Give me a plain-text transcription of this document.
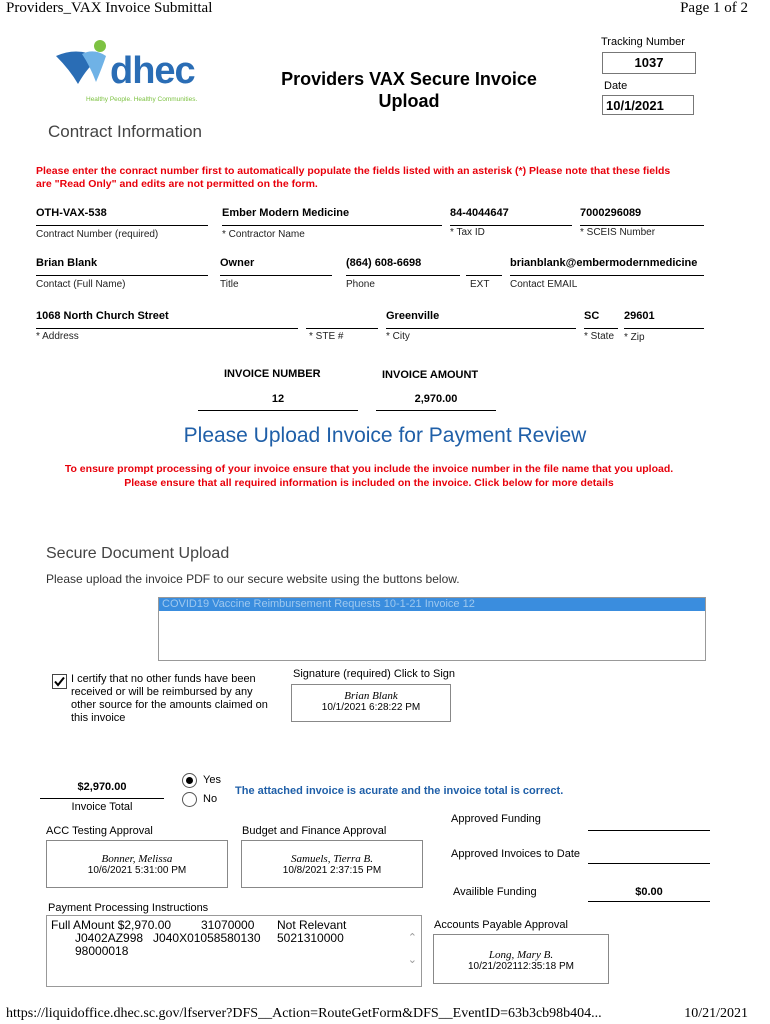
Providers_VAX Invoice Submittal	Page 1 of 2
dhec
Healthy People. Healthy Communities.
Providers VAX Secure Invoice
Upload
Tracking Number
1037
Date
10/1/2021
Contract Information
Please enter the conract number first to automatically populate the fields listed with an asterisk (*) Please note that these fields are "Read Only" and edits are not permitted on the form.
OTH-VAX-538
Contract Number (required)
Ember Modern Medicine
* Contractor Name
84-4044647
* Tax ID
7000296089
* SCEIS Number
Brian Blank
Contact (Full Name)
Owner
Title
(864) 608-6698
Phone	EXT
brianblank@embermodernmedicine
Contact EMAIL
1068 North Church Street
* Address	* STE #
Greenville
* City
SC
* State
29601
* Zip
INVOICE NUMBER
12
INVOICE AMOUNT
2,970.00
Please Upload Invoice for Payment Review
To ensure prompt processing of your invoice ensure that you include the invoice number in the file name that you upload.
Please ensure that all required information is included on the invoice. Click below for more details
Secure Document Upload
Please upload the invoice PDF to our secure website using the buttons below.
COVID19 Vaccine Reimbursement Requests 10-1-21 Invoice 12
I certify that no other funds have been received or will be reimbursed by any other source for the amounts claimed on this invoice
Signature (required) Click to Sign
Brian Blank
10/1/2021 6:28:22 PM
$2,970.00
Invoice Total
Yes
No
The attached invoice is acurate and the invoice total is correct.
Approved Funding
Approved Invoices to Date
Availible Funding	$0.00
ACC Testing Approval
Bonner, Melissa
10/6/2021 5:31:00 PM
Budget and Finance Approval
Samuels, Tierra B.
10/8/2021 2:37:15 PM
Payment Processing Instructions
Full AMount $2,970.00 31070000 Not Relevant
J0402AZ998   J040X01058580130 5021310000
98000018
⌃
⌄
Accounts Payable Approval
Long, Mary B.
10/21/202112:35:18 PM
https://liquidoffice.dhec.sc.gov/lfserver?DFS__Action=RouteGetForm&DFS__EventID=63b3cb98b404...	10/21/2021
